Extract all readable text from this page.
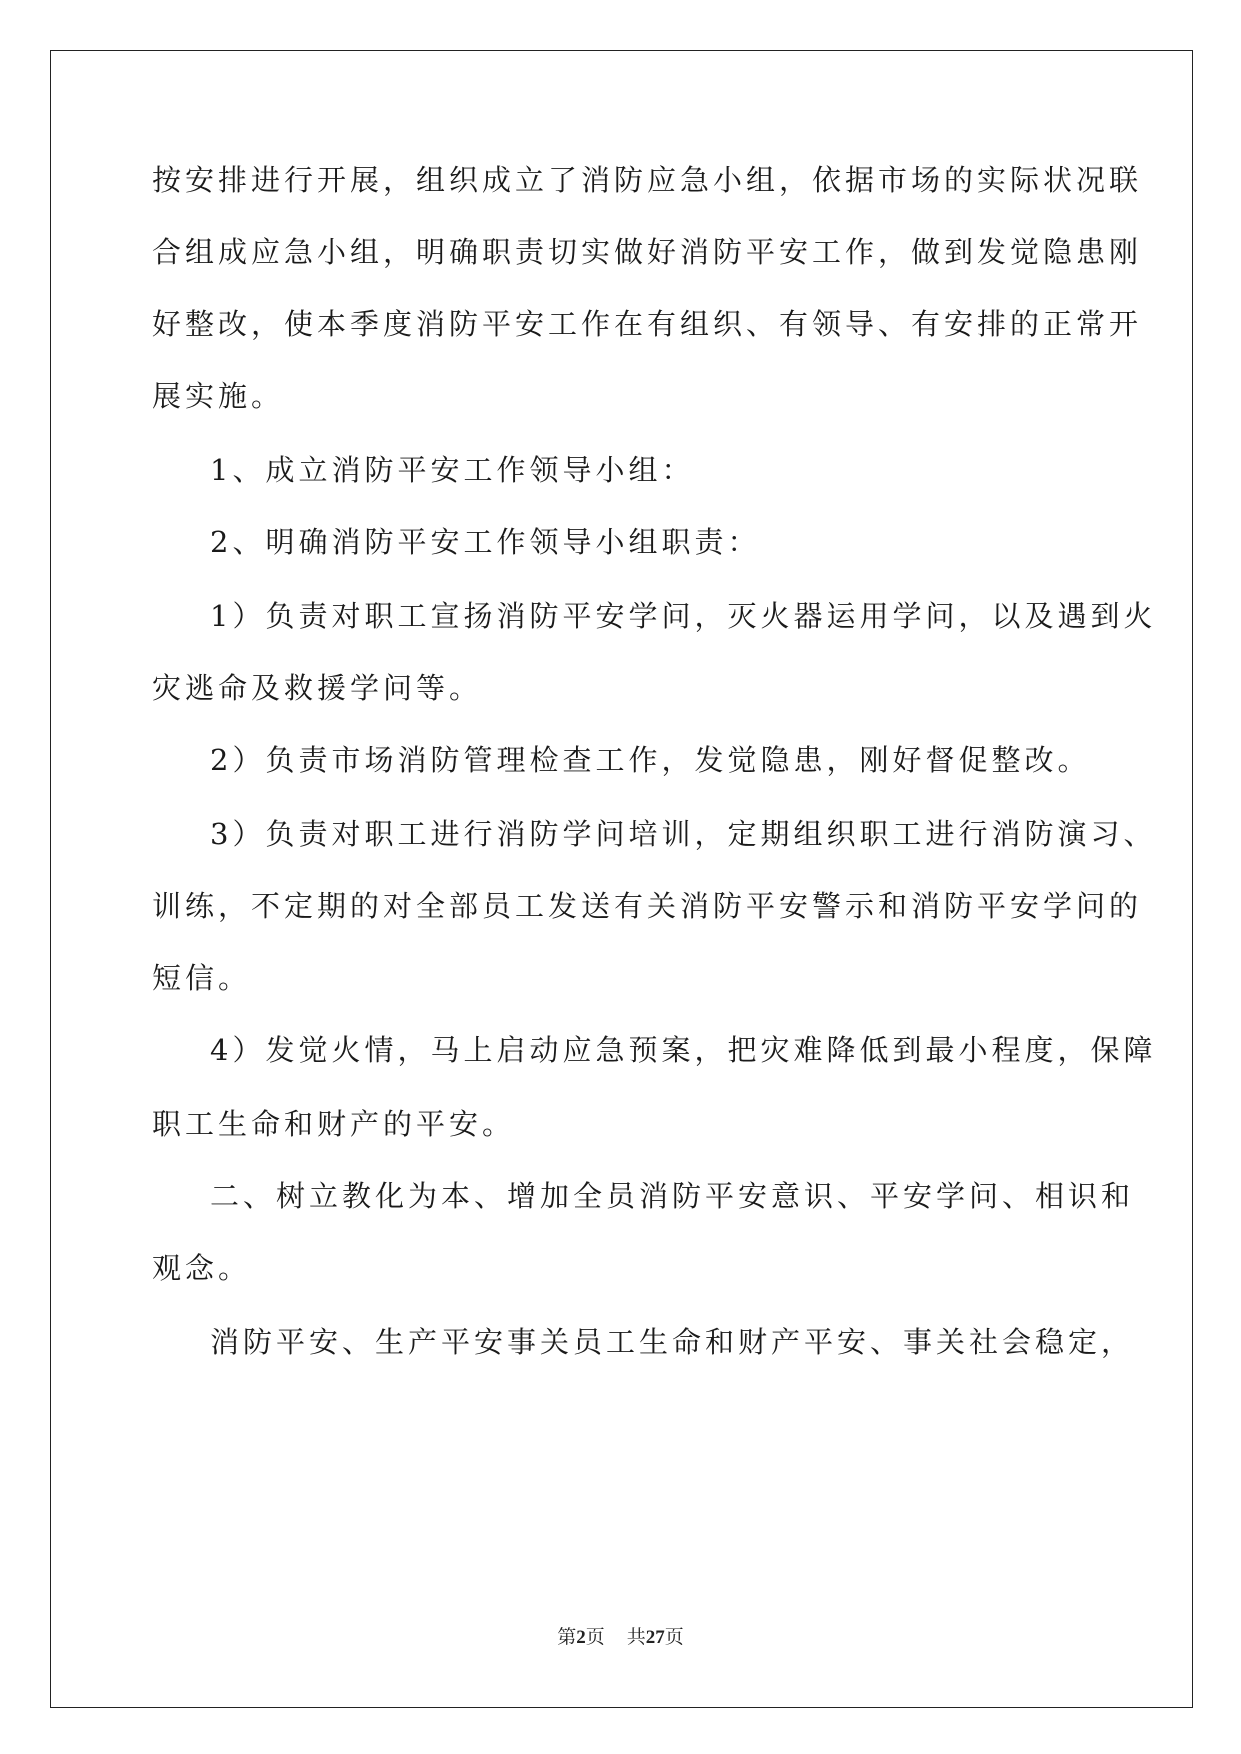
按安排进行开展，组织成立了消防应急小组，依据市场的实际状况联
合组成应急小组，明确职责切实做好消防平安工作，做到发觉隐患刚
好整改，使本季度消防平安工作在有组织、有领导、有安排的正常开
展实施。
1、成立消防平安工作领导小组：
2、明确消防平安工作领导小组职责：
1）负责对职工宣扬消防平安学问，灭火器运用学问，以及遇到火
灾逃命及救援学问等。
2）负责市场消防管理检查工作，发觉隐患，刚好督促整改。
3）负责对职工进行消防学问培训，定期组织职工进行消防演习、
训练，不定期的对全部员工发送有关消防平安警示和消防平安学问的
短信。
4）发觉火情，马上启动应急预案，把灾难降低到最小程度，保障
职工生命和财产的平安。
二、树立教化为本、增加全员消防平安意识、平安学问、相识和
观念。
消防平安、生产平安事关员工生命和财产平安、事关社会稳定，
第2页 共27页
